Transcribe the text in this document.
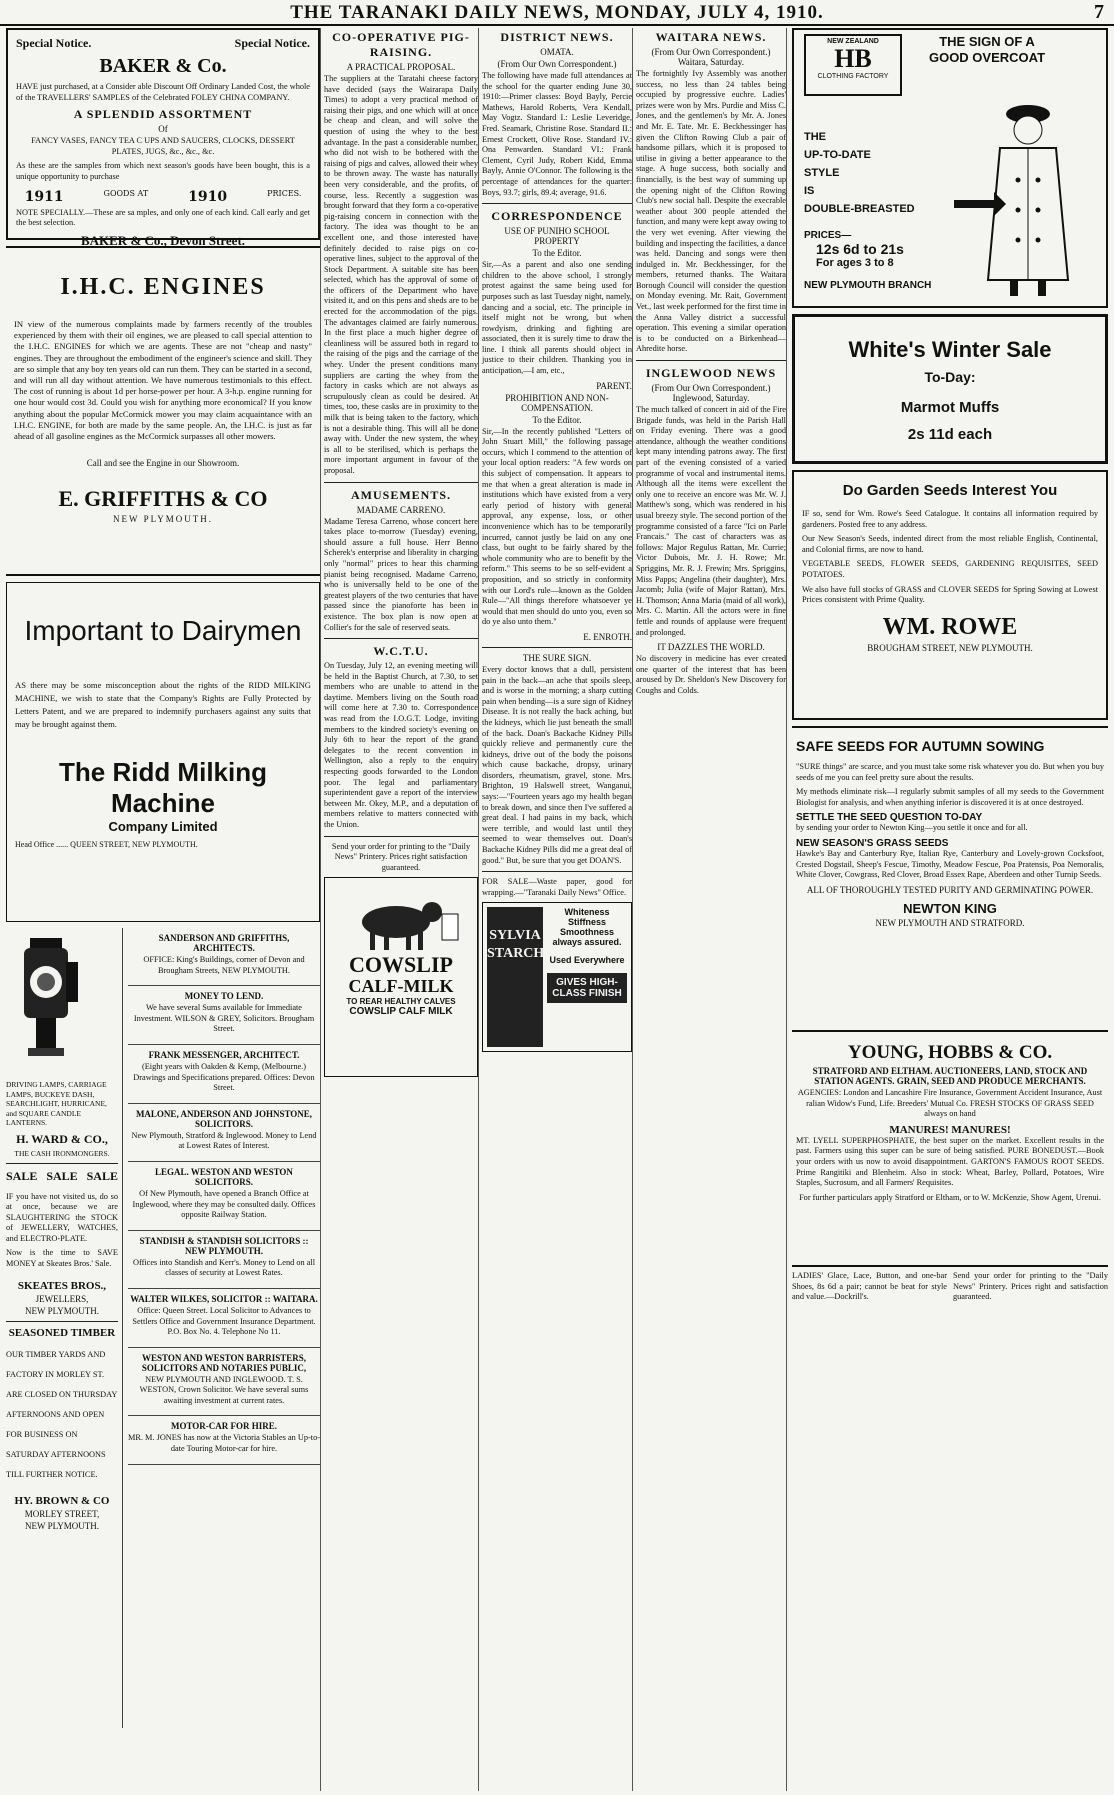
THE TARANAKI DAILY NEWS, MONDAY, JULY 4, 1910.	7
Special Notice.	Special Notice.
BAKER & Co.
HAVE just purchased, at a Consider able Discount Off Ordinary Landed Cost, the whole of the TRAVELLERS' SAMPLES of the Celebrated FOLEY CHINA COMPANY.
A SPLENDID ASSORTMENT
Of
FANCY VASES, FANCY TEA C UPS AND SAUCERS, CLOCKS, DESSERT PLATES, JUGS, &c., &c., &c.
As these are the samples from which next season's goods have been bought, this is a unique opportunity to purchase
1911	GOODS AT	1910	PRICES.
NOTE SPECIALLY.—These are sa mples, and only one of each kind. Call early and get the best selection.
BAKER & Co., Devon Street.
I.H.C. ENGINES
IN view of the numerous complaints made by farmers recently of the troubles experienced by them with their oil engines, we are pleased to call special attention to the I.H.C. ENGINES for which we are agents. These are not "cheap and nasty" engines. They are throughout the embodiment of the engineer's science and skill. They are so simple that any boy ten years old can run them. They can be started in a second, and will run all day without attention. We have numerous testimonials to this effect. The cost of running is about 1d per horse-power per hour. A 3-h.p. engine running for one hour would cost 3d. Could you wish for anything more economical? If you know anything about the popular McCormick mower you may claim acquaintance with an I.H.C. ENGINE, for both are made by the same people. An, the I.H.C. is just as far ahead of all gasoline engines as the McCormick surpasses all other mowers.
Call and see the Engine in our Showroom.
E. GRIFFITHS & CO
NEW PLYMOUTH.
Important to Dairymen
AS there may be some misconception about the rights of the RIDD MILKING MACHINE, we wish to state that the Company's Rights are Fully Protected by Letters Patent, and we are prepared to indemnify purchasers against any suits that may be brought against them.
The Ridd Milking Machine
Company Limited
Head Office ...... QUEEN STREET, NEW PLYMOUTH.
DRIVING LAMPS, CARRIAGE LAMPS, BUCKEYE DASH, SEARCHLIGHT, HURRICANE, and SQUARE CANDLE LANTERNS.
H. WARD & CO.,
THE CASH IRONMONGERS.
SALE SALE SALE
IF you have not visited us, do so at once, because we are SLAUGHTERING the STOCK of JEWELLERY, WATCHES, and ELECTRO-PLATE.
Now is the time to SAVE MONEY at Skeates Bros.' Sale.
SKEATES BROS.,
JEWELLERS,
NEW PLYMOUTH.
SEASONED TIMBER
OUR TIMBER YARDS AND FACTORY IN MORLEY ST. ARE CLOSED ON THURSDAY AFTERNOONS AND OPEN FOR BUSINESS ON SATURDAY AFTERNOONS TILL FURTHER NOTICE.
HY. BROWN & CO
MORLEY STREET,
NEW PLYMOUTH.
SANDERSON AND GRIFFITHS, ARCHITECTS.
OFFICE: King's Buildings, corner of Devon and Brougham Streets, NEW PLYMOUTH.
MONEY TO LEND.
We have several Sums available for Immediate Investment. WILSON & GREY, Solicitors. Brougham Street.
FRANK MESSENGER, ARCHITECT.
(Eight years with Oakden & Kemp, (Melbourne.) Drawings and Specifications prepared. Offices: Devon Street.
MALONE, ANDERSON AND JOHNSTONE, SOLICITORS.
New Plymouth, Stratford & Inglewood. Money to Lend at Lowest Rates of Interest.
LEGAL. WESTON AND WESTON SOLICITORS.
Of New Plymouth, have opened a Branch Office at Inglewood, where they may be consulted daily. Offices opposite Railway Station.
STANDISH & STANDISH SOLICITORS :: NEW PLYMOUTH.
Offices into Standish and Kerr's. Money to Lend on all classes of security at Lowest Rates.
WALTER WILKES, SOLICITOR :: WAITARA.
Office: Queen Street. Local Solicitor to Advances to Settlers Office and Government Insurance Department. P.O. Box No. 4. Telephone No 11.
WESTON AND WESTON BARRISTERS, SOLICITORS AND NOTARIES PUBLIC,
NEW PLYMOUTH AND INGLEWOOD. T. S. WESTON, Crown Solicitor. We have several sums awaiting investment at current rates.
MOTOR-CAR FOR HIRE.
MR. M. JONES has now at the Victoria Stables an Up-to-date Touring Motor-car for hire.
CO-OPERATIVE PIG-RAISING.
A PRACTICAL PROPOSAL.
The suppliers at the Taratahi cheese factory have decided (says the Wairarapa Daily Times) to adopt a very practical method of raising their pigs, and one which will at once be cheap and clean, and will solve the question of using the whey to the best advantage. In the past a considerable number, who did not wish to be bothered with the raising of pigs and calves, allowed their whey to be thrown away. The waste has naturally been very considerable, and the profits, of course, less. Recently a suggestion was brought forward that they form a co-operative pig-raising concern in connection with the factory. The idea was thought to be an excellent one, and those interested have definitely decided to raise pigs on co-operative lines, subject to the approval of the Stock Department. A suitable site has been selected, which has the approval of some of the officers of the Department who have visited it, and on this pens and sheds are to be erected for the accommodation of the pigs. The advantages claimed are fairly numerous. In the first place a much higher degree of cleanliness will be assured both in regard to the raising of the pigs and the carriage of the whey. Under the present conditions many suppliers are carting the whey from the factory in casks which are not always as scrupulously clean as could be desired. At times, too, these casks are in proximity to the milk that is being taken to the factory, which is not a desirable thing. This will all be done away with. Under the new system, the whey is all to be sterilised, which is perhaps the more important argument in favour of the proposal.
AMUSEMENTS.
MADAME CARRENO.
Madame Teresa Carreno, whose concert here takes place to-morrow (Tuesday) evening, should assure a full house. Herr Benno Scherek's enterprise and liberality in charging only "normal" prices to hear this charming pianist being recognised. Madame Carreno, who is universally held to be one of the greatest players of the two centuries that have passed since the pianoforte has been in existence. The box plan is now open at Collier's for the sale of reserved seats.
W.C.T.U.
On Tuesday, July 12, an evening meeting will be held in the Baptist Church, at 7.30, to set members who are unable to attend in the daytime. Members living on the South road will come here at 7.30 to. Correspondence was read from the I.O.G.T. Lodge, inviting members to the kindred society's evening on July 6th to hear the report of the grand delegates to the recent convention in Wellington, also a reply to the enquiry respecting goods forwarded to the London poor. The legal and parliamentary superintendent gave a report of the interview between Mr. Okey, M.P., and a deputation of members relative to matters connected with the Union.
Send your order for printing to the "Daily News" Printery. Prices right satisfaction guaranteed.
COWSLIP
CALF-MILK
TO REAR HEALTHY CALVES
COWSLIP CALF MILK
DISTRICT NEWS.
OMATA.
(From Our Own Correspondent.)
The following have made full attendances at the school for the quarter ending June 30, 1910:—Primer classes: Boyd Bayly, Percie Mathews, Harold Roberts, Vera Kendall, May Vogtz. Standard I.: Leslie Leveridge, Fred. Seamark, Christine Rose. Standard II.: Ernest Crockett, Olive Rose. Standard IV.: Ona Penwarden. Standard VI.: Frank Clement, Cyril Judy, Robert Kidd, Emma Bayly, Annie O'Connor. The following is the percentage of attendances for the quarter: Boys, 93.7; girls, 89.4; average, 91.6.
CORRESPONDENCE
USE OF PUNIHO SCHOOL PROPERTY
To the Editor.
Sir,—As a parent and also one sending children to the above school, I strongly protest against the same being used for purposes such as last Tuesday night, namely, dancing and a social, etc. The principle in itself might not be wrong, but when rowdyism, drinking and fighting are associated, then it is surely time to draw the line. I think all parents should object in justice to their children. Thanking you in anticipation,—I am, etc.,
PARENT.
PROHIBITION AND NON-COMPENSATION.
To the Editor.
Sir,—In the recently published "Letters of John Stuart Mill," the following passage occurs, which I commend to the attention of your local option readers: "A few words on this subject of compensation. It appears to me that when a great alteration is made in institutions which have existed from a very early period of history with general approval, any expense, loss, or other inconvenience which has to be temporarily incurred, cannot justly be laid on any one class, but ought to be fairly shared by the whole community who are to benefit by the reform." This seems to be so self-evident a proposition, and so strictly in conformity with our Lord's rule—known as the Golden Rule—"All things therefore whatsoever ye would that men should do unto you, even so do ye also unto them."
E. ENROTH.
THE SURE SIGN.
Every doctor knows that a dull, persistent pain in the back—an ache that spoils sleep, and is worse in the morning; a sharp cutting pain when bending—is a sure sign of Kidney Disease. It is not really the back aching, but the kidneys, which lie just beneath the small of the back. Doan's Backache Kidney Pills quickly relieve and permanently cure the kidneys, drive out of the body the poisons which cause backache, dropsy, urinary disorders, rheumatism, gravel, stone. Mrs. Brighton, 19 Halswell street, Wanganui, says:—"Fourteen years ago my health began to break down, and since then I've suffered a great deal. I had pains in my back, which were terrible, and would last until they seemed to wear themselves out. Doan's Backache Kidney Pills did me a great deal of good." But, be sure that you get DOAN'S.
FOR SALE—Waste paper, good for wrapping.—"Taranaki Daily News" Office.
SYLVIA STARCH
Whiteness Stiffness Smoothness always assured.
Used Everywhere
GIVES HIGH-CLASS FINISH
WAITARA NEWS.
(From Our Own Correspondent.) Waitara, Saturday.
The fortnightly Ivy Assembly was another success, no less than 24 tables being occupied by progressive euchre. Ladies' prizes were won by Mrs. Purdie and Miss C. Jones, and the gentlemen's by Mr. A. Jones and Mr. E. Tate. Mr. E. Beckhessinger has given the Clifton Rowing Club a pair of handsome pillars, which it is proposed to utilise in giving a better appearance to the stage. A huge success, both socially and financially, is the best way of summing up the opening night of the Clifton Rowing Club's new social hall. Despite the execrable weather about 300 people attended the function, and many were kept away owing to the very wet evening. After viewing the building and inspecting the facilities, a dance was held. Dancing and songs were then indulged in. Mr. Beckhessinger, for the members, returned thanks. The Waitara Borough Council will consider the question on Monday evening. Mr. Rait, Government Vet., last week performed for the first time in the Anna Valley district a successful operation. This evening a similar operation is to be conducted on a Birkenhead—Ahredite horse.
INGLEWOOD NEWS
(From Our Own Correspondent.) Inglewood, Saturday.
The much talked of concert in aid of the Fire Brigade funds, was held in the Parish Hall on Friday evening. There was a good attendance, although the weather conditions kept many intending patrons away. The first part of the evening consisted of a varied programme of vocal and instrumental items. Although all the items were excellent the only one to receive an encore was Mr. W. J. Matthew's song, which was rendered in his usual breezy style. The second portion of the programme consisted of a farce "Ici on Parle Francais." The cast of characters was as follows: Major Regulus Rattan, Mr. Currie; Victor Dubois, Mr. J. H. Rowe; Mr. Spriggins, Mr. R. J. Frewin; Mrs. Spriggins, Miss Papps; Angelina (their daughter), Mrs. Jacomb; Julia (wife of Major Rattan), Mrs. H. Thomson; Anna Maria (maid of all work), Mrs. C. Martin. All the actors were in fine fettle and rounds of applause were frequent and prolonged.
IT DAZZLES THE WORLD.
No discovery in medicine has ever created one quarter of the interest that has been aroused by Dr. Sheldon's New Discovery for Coughs and Colds.
NEW ZEALAND
HB
CLOTHING FACTORY
THE SIGN OF A GOOD OVERCOAT
THE
UP-TO-DATE
STYLE
IS
DOUBLE-BREASTED
PRICES—
12s 6d to 21s
For ages 3 to 8
NEW PLYMOUTH BRANCH
White's Winter Sale
To-Day:
Marmot Muffs
2s 11d each
Do Garden Seeds Interest You
IF so, send for Wm. Rowe's Seed Catalogue. It contains all information required by gardeners. Posted free to any address.
Our New Season's Seeds, indented direct from the most reliable English, Continental, and Colonial firms, are now to hand.
VEGETABLE SEEDS, FLOWER SEEDS, GARDENING REQUISITES, SEED POTATOES.
We also have full stocks of GRASS and CLOVER SEEDS for Spring Sowing at Lowest Prices consistent with Prime Quality.
WM. ROWE
BROUGHAM STREET, NEW PLYMOUTH.
SAFE SEEDS FOR AUTUMN SOWING
"SURE things" are scarce, and you must take some risk whatever you do. But when you buy seeds of me you can feel pretty sure about the results.
My methods eliminate risk—I regularly submit samples of all my seeds to the Government Biologist for analysis, and when anything inferior is discovered it is at once destroyed.
SETTLE THE SEED QUESTION TO-DAY
by sending your order to Newton King—you settle it once and for all.
NEW SEASON'S GRASS SEEDS
Hawke's Bay and Canterbury Rye, Italian Rye, Canterbury and Lovely-grown Cocksfoot, Crested Dogstail, Sheep's Fescue, Timothy, Meadow Fescue, Poa Pratensis, Poa Nemoralis, White Clover, Cowgrass, Red Clover, Broad Essex Rape, Aberdeen and other Turnip Seeds.
ALL OF THOROUGHLY TESTED PURITY AND GERMINATING POWER.
NEWTON KING
NEW PLYMOUTH AND STRATFORD.
YOUNG, HOBBS & CO.
STRATFORD AND ELTHAM. AUCTIONEERS, LAND, STOCK AND STATION AGENTS. GRAIN, SEED AND PRODUCE MERCHANTS.
AGENCIES: London and Lancashire Fire Insurance, Government Accident Insurance, Aust ralian Widow's Fund, Life. Breeders' Mutual Co. FRESH STOCKS OF GRASS SEED always on hand
MANURES! MANURES!
MT. LYELL SUPERPHOSPHATE, the best super on the market. Excellent results in the past. Farmers using this super can be sure of being satisfied. PURE BONEDUST.—Book your orders with us now to avoid disappointment. GARTON'S FAMOUS ROOT SEEDS. Prime Rangitiki and Blenheim. Also in stock: Wheat, Barley, Pollard, Potatoes, Wire Staples, Sucrosum, and all Farmers' Requisites.
For further particulars apply Stratford or Eltham, or to W. McKenzie, Show Agent, Urenui.
LADIES' Glace, Lace, Button, and one-bar Shoes, 8s 6d a pair; cannot be beat for style and value.—Dockrill's.
Send your order for printing to the "Daily News" Printery. Prices right and satisfaction guaranteed.
